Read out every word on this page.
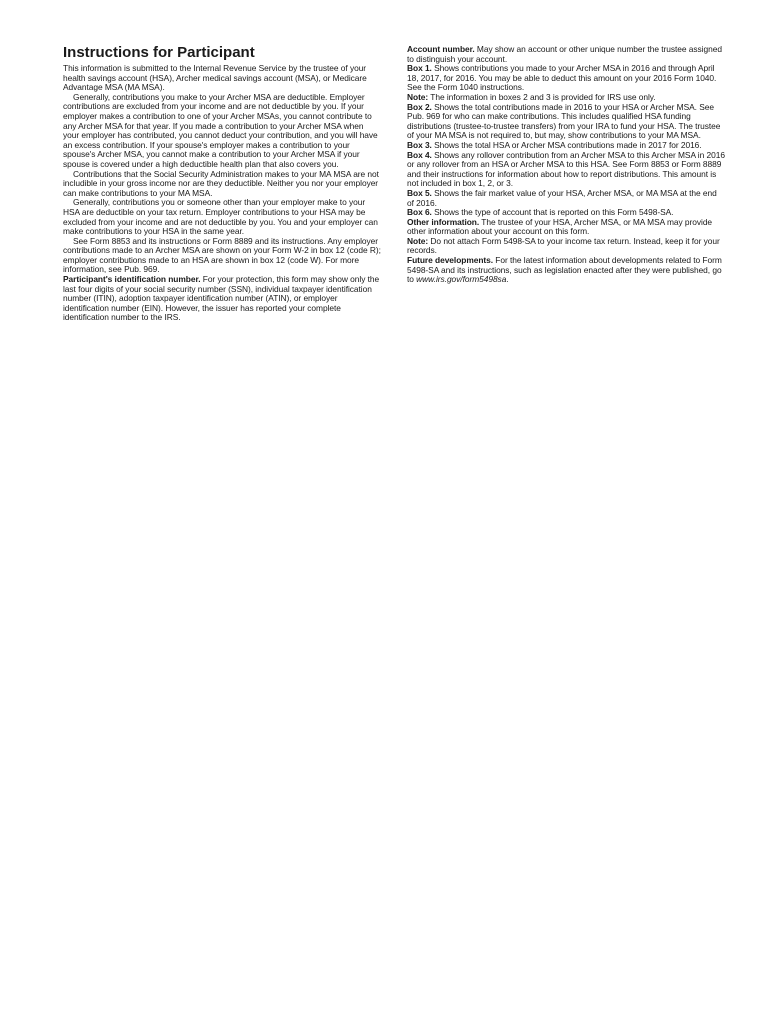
Instructions for Participant

This information is submitted to the Internal Revenue Service by the trustee of your health savings account (HSA), Archer medical savings account (MSA), or Medicare Advantage MSA (MA MSA).

Generally, contributions you make to your Archer MSA are deductible. Employer contributions are excluded from your income and are not deductible by you. If your employer makes a contribution to one of your Archer MSAs, you cannot contribute to any Archer MSA for that year. If you made a contribution to your Archer MSA when your employer has contributed, you cannot deduct your contribution, and you will have an excess contribution. If your spouse's employer makes a contribution to your spouse's Archer MSA, you cannot make a contribution to your Archer MSA if your spouse is covered under a high deductible health plan that also covers you.

Contributions that the Social Security Administration makes to your MA MSA are not includible in your gross income nor are they deductible. Neither you nor your employer can make contributions to your MA MSA.

Generally, contributions you or someone other than your employer make to your HSA are deductible on your tax return. Employer contributions to your HSA may be excluded from your income and are not deductible by you. You and your employer can make contributions to your HSA in the same year.

See Form 8853 and its instructions or Form 8889 and its instructions. Any employer contributions made to an Archer MSA are shown on your Form W-2 in box 12 (code R); employer contributions made to an HSA are shown in box 12 (code W). For more information, see Pub. 969.

Participant's identification number. For your protection, this form may show only the last four digits of your social security number (SSN), individual taxpayer identification number (ITIN), adoption taxpayer identification number (ATIN), or employer identification number (EIN). However, the issuer has reported your complete identification number to the IRS.

Account number. May show an account or other unique number the trustee assigned to distinguish your account.

Box 1. Shows contributions you made to your Archer MSA in 2016 and through April 18, 2017, for 2016. You may be able to deduct this amount on your 2016 Form 1040. See the Form 1040 instructions.

Note: The information in boxes 2 and 3 is provided for IRS use only.

Box 2. Shows the total contributions made in 2016 to your HSA or Archer MSA. See Pub. 969 for who can make contributions. This includes qualified HSA funding distributions (trustee-to-trustee transfers) from your IRA to fund your HSA. The trustee of your MA MSA is not required to, but may, show contributions to your MA MSA.

Box 3. Shows the total HSA or Archer MSA contributions made in 2017 for 2016.

Box 4. Shows any rollover contribution from an Archer MSA to this Archer MSA in 2016 or any rollover from an HSA or Archer MSA to this HSA. See Form 8853 or Form 8889 and their instructions for information about how to report distributions. This amount is not included in box 1, 2, or 3.

Box 5. Shows the fair market value of your HSA, Archer MSA, or MA MSA at the end of 2016.

Box 6. Shows the type of account that is reported on this Form 5498-SA.

Other information. The trustee of your HSA, Archer MSA, or MA MSA may provide other information about your account on this form.

Note: Do not attach Form 5498-SA to your income tax return. Instead, keep it for your records.

Future developments. For the latest information about developments related to Form 5498-SA and its instructions, such as legislation enacted after they were published, go to www.irs.gov/form5498sa.
